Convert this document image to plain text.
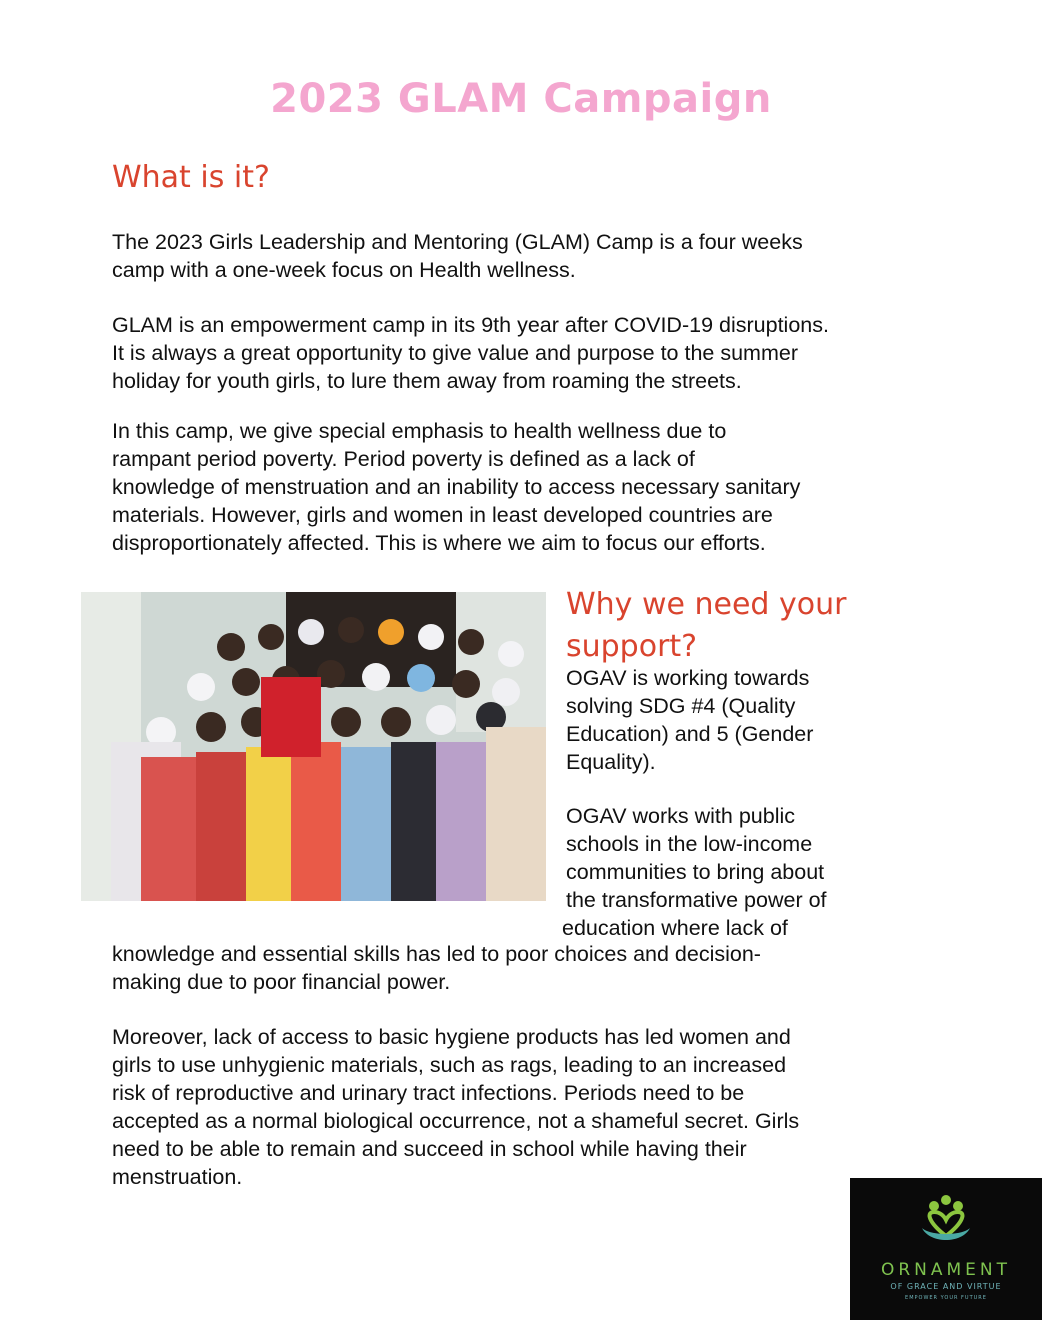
2023 GLAM Campaign
What is it?

The 2023 Girls Leadership and Mentoring (GLAM) Camp is a four weeks
camp with a one-week focus on Health wellness.

GLAM is an empowerment camp in its 9th year after COVID-19 disruptions.
It is always a great opportunity to give value and purpose to the summer
holiday for youth girls, to lure them away from roaming the streets.

In this camp, we give special emphasis to health wellness due to
rampant period poverty. Period poverty is defined as a lack of
knowledge of menstruation and an inability to access necessary sanitary
materials. However, girls and women in least developed countries are
disproportionately affected. This is where we aim to focus our efforts.

Why we need your
support?

OGAV is working towards
solving SDG #4 (Quality
Education) and 5 (Gender
Equality).

OGAV works with public
schools in the low-income
communities to bring about
the transformative power of
education where lack of

knowledge and essential skills has led to poor choices and decision-
making due to poor financial power.

Moreover, lack of access to basic hygiene products has led women and
girls to use unhygienic materials, such as rags, leading to an increased
risk of reproductive and urinary tract infections. Periods need to be
accepted as a normal biological occurrence, not a shameful secret. Girls
need to be able to remain and succeed in school while having their
menstruation.

ORNAMENT
OF GRACE AND VIRTUE
EMPOWER YOUR FUTURE
